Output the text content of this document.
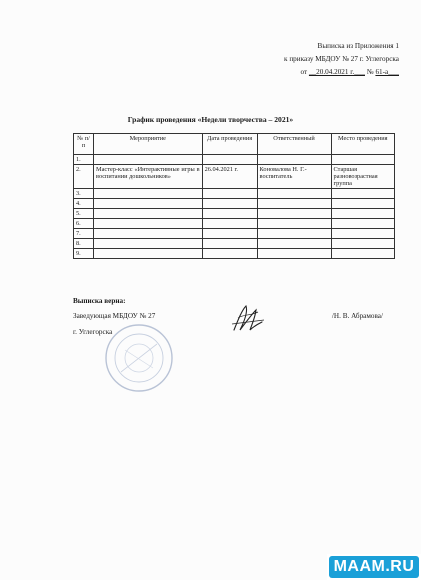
Выписка из Приложения 1
к приказу МБДОУ № 27 г. Углегорска
от __20.04.2021 г.___ № 61-а___
График проведения «Недели творчества – 2021»
№ п/п	Мероприятие	Дата проведения	Ответственный	Место проведения
1.				
2.	Мастер-класс «Интерактивные игры в воспитании дошкольников»	26.04.2021 г.	Коновалова Н. Г.- воспитатель	Старшая разновозрастная группа
3.				
4.				
5.				
6.				
7.				
8.				
9.				
Выписка верна:
Заведующая МБДОУ № 27	/Н. В. Абрамова/
г. Углегорска
MAAM.RU
